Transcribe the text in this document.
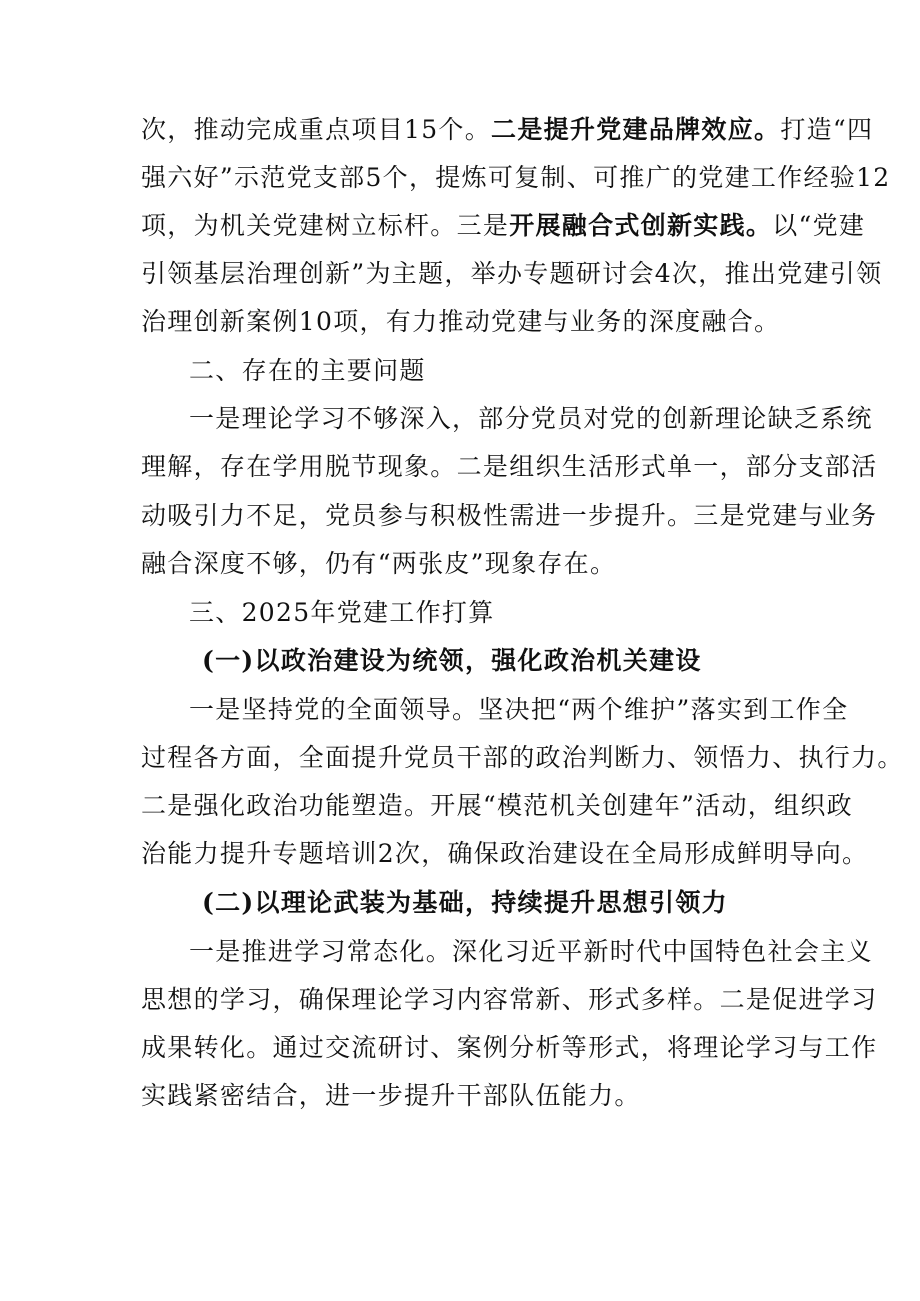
次，推动完成重点项目15个。二是提升党建品牌效应。打造“四
强六好”示范党支部5个，提炼可复制、可推广的党建工作经验12
项，为机关党建树立标杆。三是开展融合式创新实践。以“党建
引领基层治理创新”为主题，举办专题研讨会4次，推出党建引领
治理创新案例10项，有力推动党建与业务的深度融合。
二、存在的主要问题
一是理论学习不够深入，部分党员对党的创新理论缺乏系统
理解，存在学用脱节现象。二是组织生活形式单一，部分支部活
动吸引力不足，党员参与积极性需进一步提升。三是党建与业务
融合深度不够，仍有“两张皮”现象存在。
三、2025年党建工作打算
(一)以政治建设为统领，强化政治机关建设
一是坚持党的全面领导。坚决把“两个维护”落实到工作全
过程各方面，全面提升党员干部的政治判断力、领悟力、执行力。
二是强化政治功能塑造。开展“模范机关创建年”活动，组织政
治能力提升专题培训2次，确保政治建设在全局形成鲜明导向。
(二)以理论武装为基础，持续提升思想引领力
一是推进学习常态化。深化习近平新时代中国特色社会主义
思想的学习，确保理论学习内容常新、形式多样。二是促进学习
成果转化。通过交流研讨、案例分析等形式，将理论学习与工作
实践紧密结合，进一步提升干部队伍能力。
